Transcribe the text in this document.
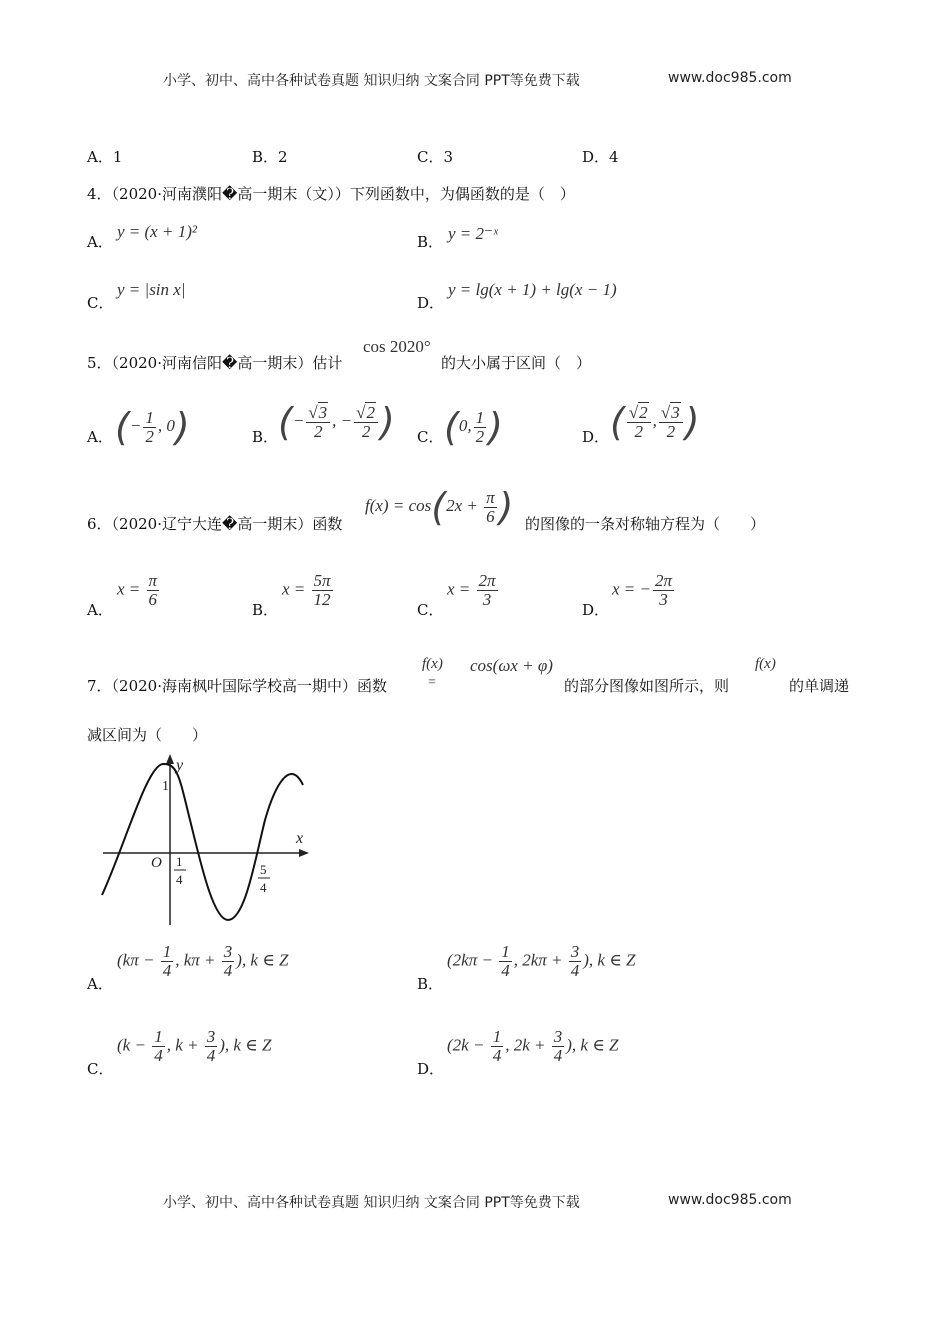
小学、初中、高中各种试卷真题 知识归纳 文案合同 PPT等免费下载	www.doc985.com
A．1	B．2	C．3	D．4
4．（2020·河南濮阳�高一期末（文））下列函数中，为偶函数的是（　）
A．
y = (x + 1)²
B． y = 2⁻ˣ
C．
y = |sin x|
D．
y = lg(x + 1) + lg(x − 1)
5．（2020·河南信阳�高一期末）估计
cos 2020°
的大小属于区间（　）
A． (− $\frac{1}{2}$ , 0)	B． (− $\frac{√3}{2}$ , − $\frac{√2}{2}$ ) C． (0, $\frac{1}{2}$ )	D． ( $\frac{√2}{2}$ , $\frac{√3}{2}$ )
6．（2020·辽宁大连�高一期末）函数
$f(x) = \cos(2x + \frac{\pi}{6}$ ) 的图像的一条对称轴方程为（　　）
A．
$x = \frac{\pi}{6}$
B．
$x = \frac{5\pi}{12}$
C．
$x = \frac{2\pi}{3}$
D．
x = − $\frac{2\pi}{3}$
7．（2020·海南枫叶国际学校高一期中）函数
f(x)
=
cos(ωx + φ)
的部分图像如图所示，则
f(x)
的单调递
减区间为（　　）
y
x
O
1
1
4
5
4
A．
($k\pi - \frac{1}{4}$ , $k\pi + \frac{3}{4}$ ), k ∈ Z
B．
($2k\pi - \frac{1}{4}$ , $2k\pi + \frac{3}{4}$ ), k ∈ Z
C．
($k - \frac{1}{4}$ , $k + \frac{3}{4}$ ), k ∈ Z
D．
($2k - \frac{1}{4}$ , $2k + \frac{3}{4}$ ), k ∈ Z
小学、初中、高中各种试卷真题 知识归纳 文案合同 PPT等免费下载	www.doc985.com
